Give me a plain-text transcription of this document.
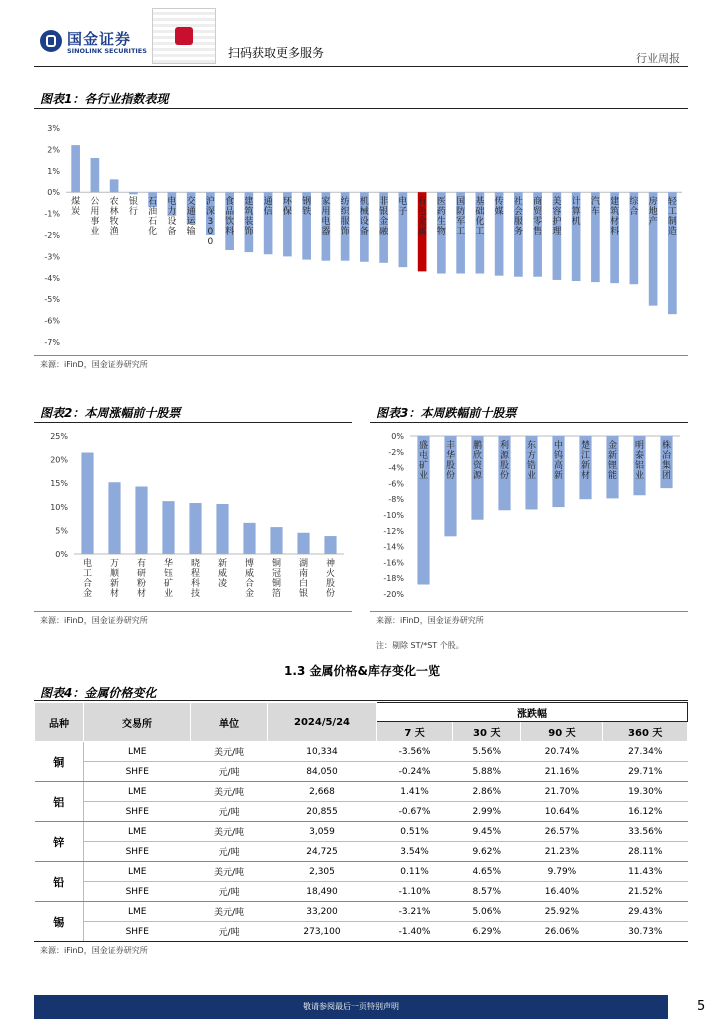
国金证券
SINOLINK SECURITIES	扫码获取更多服务	行业周报
图表1：各行业指数表现
3%
2%
1%
0%
-1%
-2%
-3%
-4%
-5%
-6%
-7%
煤炭
公用事业
农林牧渔
银行
石油石化
电力设备
交通运输
沪深 3 0 0
食品饮料
建筑装饰
通信
环保
钢铁
家用电器
纺织服饰
机械设备
非银金融
电子
有色金属
医药生物
国防军工
基础化工
传媒
社会服务
商贸零售
美容护理
计算机
汽车
建筑材料
综合
房地产
轻工制造
来源：iFinD，国金证券研究所
图表2：本周涨幅前十股票
25%
20%
15%
10%
5%
0%
电工合金
万顺新材
有研粉材
华钰矿业
晓程科技
新威凌
博威合金
铜冠铜箔
湖南白银
神火股份
来源：iFinD，国金证券研究所
图表3：本周跌幅前十股票
0%
-2%
-4%
-6%
-8%
-10%
-12%
-14%
-16%
-18%
-20%
盛屯矿业
丰华股份
鹏欣资源
利源股份
东方锆业
中钨高新
楚江新材
金新锂能
明泰铝业
株冶集团
来源：iFinD，国金证券研究所
注：剔除 ST/*ST 个股。
1.3 金属价格&库存变化一览
图表4：金属价格变化
品种	交易所	单位	2024/5/24	涨跌幅			
				7 天	30 天	90 天	360 天
铜	LME	美元/吨	10,334	-3.56%	5.56%	20.74%	27.34%
	SHFE	元/吨	84,050	-0.24%	5.88%	21.16%	29.71%
铝	LME	美元/吨	2,668	1.41%	2.86%	21.70%	19.30%
	SHFE	元/吨	20,855	-0.67%	2.99%	10.64%	16.12%
锌	LME	美元/吨	3,059	0.51%	9.45%	26.57%	33.56%
	SHFE	元/吨	24,725	3.54%	9.62%	21.23%	28.11%
铅	LME	美元/吨	2,305	0.11%	4.65%	9.79%	11.43%
	SHFE	元/吨	18,490	-1.10%	8.57%	16.40%	21.52%
锡	LME	美元/吨	33,200	-3.21%	5.06%	25.92%	29.43%
	SHFE	元/吨	273,100	-1.40%	6.29%	26.06%	30.73%
来源：iFinD，国金证券研究所
敬请参阅最后一页特别声明	5
